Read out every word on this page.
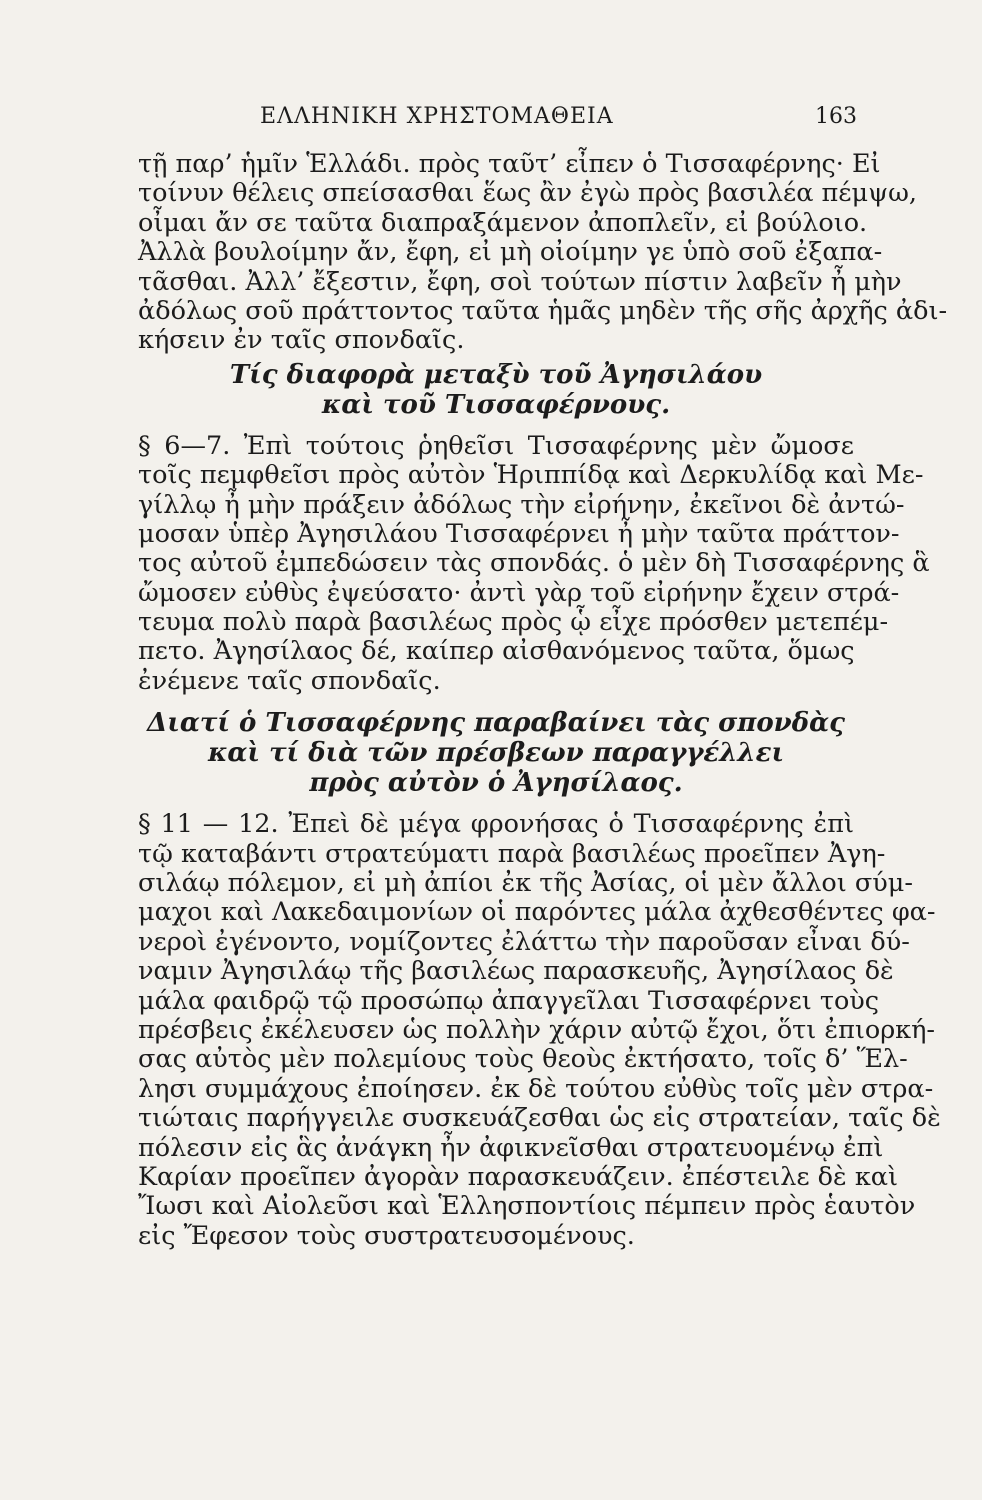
ΕΛΛΗΝΙΚΗ ΧΡΗΣΤΟΜΑΘΕΙΑ	163
τῇ παρ’ ἡμῖν Ἑλλάδι. πρὸς ταῦτ’ εἶπεν ὁ Τισσαφέρνης· Εἰ
τοίνυν θέλεις σπείσασθαι ἕως ἂν ἐγὼ πρὸς βασιλέα πέμψω,
οἶμαι ἄν σε ταῦτα διαπραξάμενον ἀποπλεῖν, εἰ βούλοιο.
Ἀλλὰ βουλοίμην ἄν, ἔφη, εἰ μὴ οἰοίμην γε ὑπὸ σοῦ ἐξαπα-
τᾶσθαι. Ἀλλ’ ἔξεστιν, ἔφη, σοὶ τούτων πίστιν λαβεῖν ἦ μὴν
ἀδόλως σοῦ πράττοντος ταῦτα ἡμᾶς μηδὲν τῆς σῆς ἀρχῆς ἀδι-
κήσειν ἐν ταῖς σπονδαῖς.
Τίς διαφορὰ μεταξὺ τοῦ Ἀγησιλάου
καὶ τοῦ Τισσαφέρνους.
§ 6—7. Ἐπὶ τούτοις ῥηθεῖσι Τισσαφέρνης μὲν ὤμοσε
τοῖς πεμφθεῖσι πρὸς αὐτὸν Ἡριππίδᾳ καὶ Δερκυλίδᾳ καὶ Με-
γίλλῳ ἦ μὴν πράξειν ἀδόλως τὴν εἰρήνην, ἐκεῖνοι δὲ ἀντώ-
μοσαν ὑπὲρ Ἀγησιλάου Τισσαφέρνει ἦ μὴν ταῦτα πράττον-
τος αὐτοῦ ἐμπεδώσειν τὰς σπονδάς. ὁ μὲν δὴ Τισσαφέρνης ἃ
ὤμοσεν εὐθὺς ἐψεύσατο· ἀντὶ γὰρ τοῦ εἰρήνην ἔχειν στρά-
τευμα πολὺ παρὰ βασιλέως πρὸς ᾧ εἶχε πρόσθεν μετεπέμ-
πετο. Ἀγησίλαος δέ, καίπερ αἰσθανόμενος ταῦτα, ὅμως
ἐνέμενε ταῖς σπονδαῖς.
Διατί ὁ Τισσαφέρνης παραβαίνει τὰς σπονδὰς
καὶ τί διὰ τῶν πρέσβεων παραγγέλλει
πρὸς αὐτὸν ὁ Ἀγησίλαος.
§ 11 — 12. Ἐπεὶ δὲ μέγα φρονήσας ὁ Τισσαφέρνης ἐπὶ
τῷ καταβάντι στρατεύματι παρὰ βασιλέως προεῖπεν Ἀγη-
σιλάῳ πόλεμον, εἰ μὴ ἀπίοι ἐκ τῆς Ἀσίας, οἱ μὲν ἄλλοι σύμ-
μαχοι καὶ Λακεδαιμονίων οἱ παρόντες μάλα ἀχθεσθέντες φα-
νεροὶ ἐγένοντο, νομίζοντες ἐλάττω τὴν παροῦσαν εἶναι δύ-
ναμιν Ἀγησιλάῳ τῆς βασιλέως παρασκευῆς, Ἀγησίλαος δὲ
μάλα φαιδρῷ τῷ προσώπῳ ἀπαγγεῖλαι Τισσαφέρνει τοὺς
πρέσβεις ἐκέλευσεν ὡς πολλὴν χάριν αὐτῷ ἔχοι, ὅτι ἐπιορκή-
σας αὐτὸς μὲν πολεμίους τοὺς θεοὺς ἐκτήσατο, τοῖς δ’ Ἕλ-
λησι συμμάχους ἐποίησεν. ἐκ δὲ τούτου εὐθὺς τοῖς μὲν στρα-
τιώταις παρήγγειλε συσκευάζεσθαι ὡς εἰς στρατείαν, ταῖς δὲ
πόλεσιν εἰς ἃς ἀνάγκη ἦν ἀφικνεῖσθαι στρατευομένῳ ἐπὶ
Καρίαν προεῖπεν ἀγορὰν παρασκευάζειν. ἐπέστειλε δὲ καὶ
Ἴωσι καὶ Αἰολεῦσι καὶ Ἑλλησποντίοις πέμπειν πρὸς ἑαυτὸν
εἰς Ἔφεσον τοὺς συστρατευσομένους.
